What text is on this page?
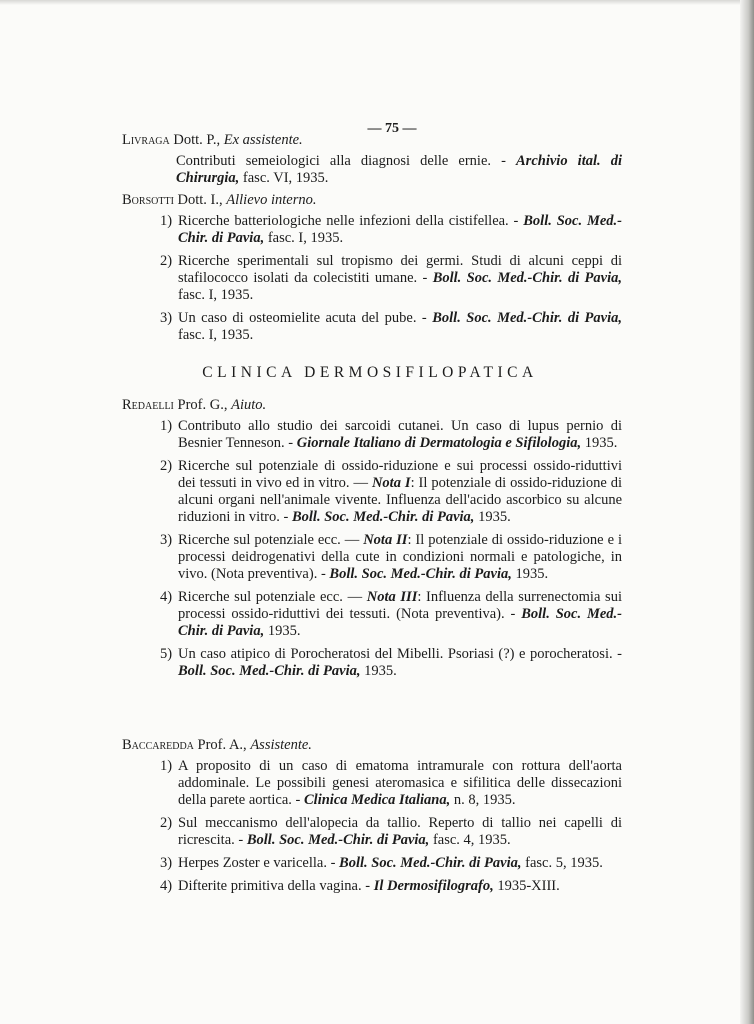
— 75 —
Livraga Dott. P., Ex assistente.
Contributi semeiologici alla diagnosi delle ernie. - Archivio ital. di Chirurgia, fasc. VI, 1935.
Borsotti Dott. I., Allievo interno.
1) Ricerche batteriologiche nelle infezioni della cistifellea. - Boll. Soc. Med.-Chir. di Pavia, fasc. I, 1935.
2) Ricerche sperimentali sul tropismo dei germi. Studi di alcuni ceppi di stafilococco isolati da colecistiti umane. - Boll. Soc. Med.-Chir. di Pavia, fasc. I, 1935.
3) Un caso di osteomielite acuta del pube. - Boll. Soc. Med.-Chir. di Pavia, fasc. I, 1935.
CLINICA DERMOSIFILOPATICA
Redaelli Prof. G., Aiuto.
1) Contributo allo studio dei sarcoidi cutanei. Un caso di lupus pernio di Besnier Tenneson. - Giornale Italiano di Dermatologia e Sifilologia, 1935.
2) Ricerche sul potenziale di ossido-riduzione e sui processi ossido-riduttivi dei tessuti in vivo ed in vitro. — Nota I: Il potenziale di ossido-riduzione di alcuni organi nell'animale vivente. Influenza dell'acido ascorbico su alcune riduzioni in vitro. - Boll. Soc. Med.-Chir. di Pavia, 1935.
3) Ricerche sul potenziale ecc. — Nota II: Il potenziale di ossido-riduzione e i processi deidrogenativi della cute in condizioni normali e patologiche, in vivo. (Nota preventiva). - Boll. Soc. Med.-Chir. di Pavia, 1935.
4) Ricerche sul potenziale ecc. — Nota III: Influenza della surrenectomia sui processi ossido-riduttivi dei tessuti. (Nota preventiva). - Boll. Soc. Med.-Chir. di Pavia, 1935.
5) Un caso atipico di Porocheratosi del Mibelli. Psoriasi (?) e porocheratosi. - Boll. Soc. Med.-Chir. di Pavia, 1935.
Baccaredda Prof. A., Assistente.
1) A proposito di un caso di ematoma intramurale con rottura dell'aorta addominale. Le possibili genesi ateromasica e sifilitica delle dissecazioni della parete aortica. - Clinica Medica Italiana, n. 8, 1935.
2) Sul meccanismo dell'alopecia da tallio. Reperto di tallio nei capelli di ricrescita. - Boll. Soc. Med.-Chir. di Pavia, fasc. 4, 1935.
3) Herpes Zoster e varicella. - Boll. Soc. Med.-Chir. di Pavia, fasc. 5, 1935.
4) Difterite primitiva della vagina. - Il Dermosifilografo, 1935-XIII.
